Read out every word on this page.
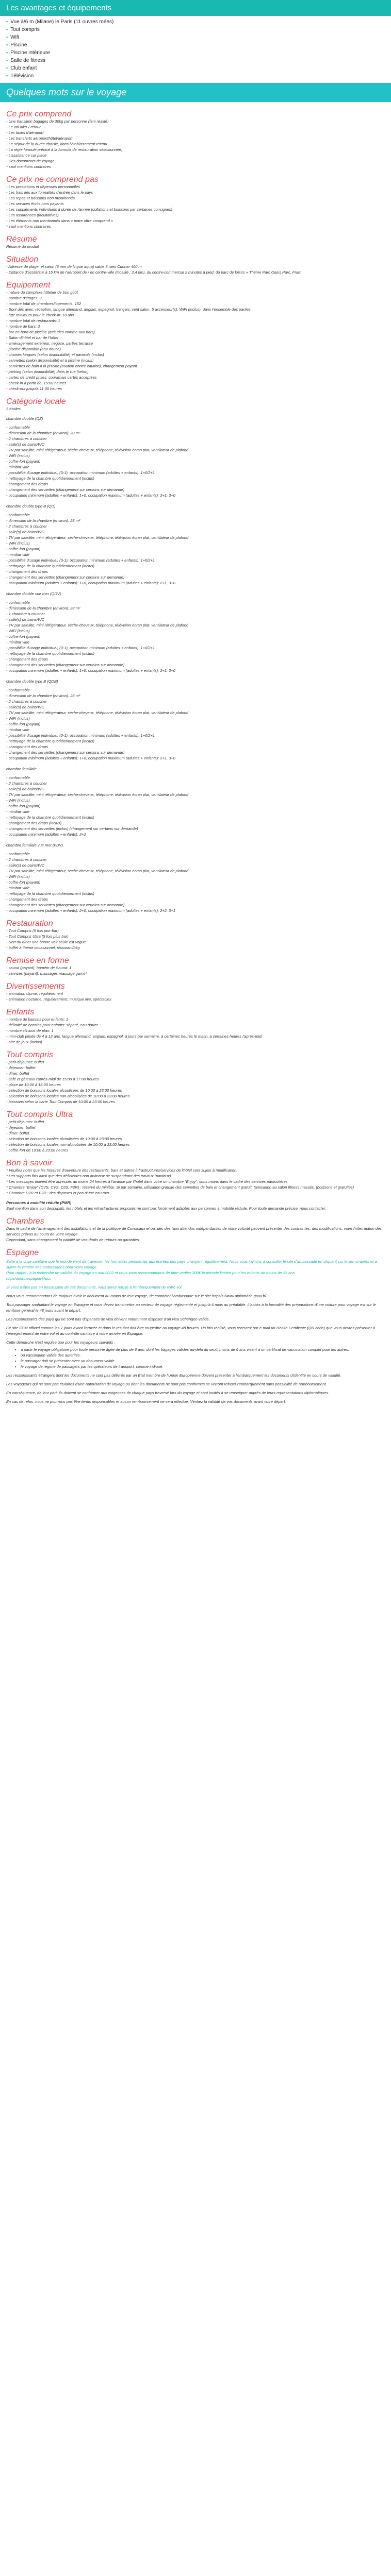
Les avantages et équipements
▪ Vue à/6 m (Milane) le Paris (11 ouvres mées)
▪ Tout compris
▪ Wifi
▪ Piscine
▪ Piscine intérieure
▪ Salle de fitness
▪ Club enfant
▪ Télévision
Quelques mots sur le voyage
Ce prix comprend

- Une transition bagages de 30kg par personne (feni réalité)
- Le vol aller / retour
- Les taxes d'aéroport
- Les transferts aéroport/hôtel/aéroport
- Le séjour de la durée choisie, dans l'établissement retenu
- La régie formule précisé à la formule de restauration sélectionnée,
- L'assistance sur place
- Des documents de voyage
* sauf mentions contraires

Ce prix ne comprend pas

- Les prestations et dépenses personnelles
- Les frais liés aux formalités d'entrée dans le pays
- Les repas et boissons non mentionnés
- Les services écrits hors payants
- Les suppléments individuels à durée de l'année (collations et boissons par certaines consignes)
- Les assurances (facultatives)
- Les éléments non mentionnés dans « notre offre comprend »
* sauf mentions contraires

Résumé

Résumé du produit

Situation

- Adresse de plage, et salon (6 mm de lingue aqua) sable 3 rues Cdoner 400 m
- Distance d'accès/sur à 15 km de l'aéroport de / en centre-ville (localité : 2,4 km), du centre-commercial 2 minutes à pied, du parc de loisirs « Théme Parc Oasis Parc, Fram

Equipement

- nature du complexe hôtelier de bon goût
- nombre d'étages: 9
- nombre total de chambres/logements: 152
- Sont des avec: réception, langue allemand, anglais, espagnol, français, cent salon, 5 ascenseur(s), WiFi (inclus), dans l'ensemble des parties
- âge minimum pour le check-in: 18 ans
- nombre total de restaurants: 1
- nombre de bars: 2
- bar en bord de piscine (attitudes comme aux bars)
- Salon d'hôtel et bar de l'hôtel
- aménagement extérieur, négoce, parties terrasse
- piscine disponible (eau douce)
- chaises longues (selon disponibilité) et parasols (inclus)
- serviettes (selon disponibilité) et à piscine (inclus)
- serviettes de bain à la piscine (caution contre caution), changement payant
- parking (selon disponibilité) dans le rue (selon)
- cartes de crédit prises: couramais cartes acceptées
- check-in à partir de: 15:00 heures
- check-out jusqu'à 11:00 heures

Catégorie locale

3 étoiles

chambre double (QZ)

- conformable
- dimension de la chambre (environ): 28 m²
- 2 chambres à coucher
- salle(s) de bains/WC
- TV par satellite, mini réfrigérateur, sèche-cheveux, téléphone, télévision écran plat, ventilateur de plafond
- WiFi (inclus)
- coffre-fort (payant)
- minibar vide
- possibilité d'usage individuel, (0-1), occupation minimum (adultes + enfants): 1+0/2+1
- nettoyage de la chambre quotidiennement (inclus)
- changement des draps
- changement des serviettes (changement sur certains sur demande)
- occupation minimum (adultes + enfants): 1+0, occupation maximum (adultes + enfants): 2+1, 3+0

chambre double type B (QD)

- conformable
- dimension de la chambre (environ): 28 m²
- 2 chambres à coucher
- salle(s) de bains/WC
- TV par satellite, mini réfrigérateur, sèche-cheveux, téléphone, télévision écran plat, ventilateur de plafond
- WiFi (inclus)
- coffre-fort (payant)
- minibar vide
- possibilité d'usage individuel, (0-1), occupation minimum (adultes + enfants): 1+0/2+1
- nettoyage de la chambre quotidiennement (inclus)
- changement des draps
- changement des serviettes (changement sur certains sur demande)
- occupation minimum (adultes + enfants): 1+0, occupation maximum (adultes + enfants): 2+1, 3+0

chambre double vue mer (QDV)

- conformable
- dimension de la chambre (environ): 28 m²
- 1 chambre à coucher
- salle(s) de bains/WC
- TV par satellite, mini réfrigérateur, sèche-cheveux, téléphone, télévision écran plat, ventilateur de plafond
- WiFi (inclus)
- coffre-fort (payant)
- minibar vide
- possibilité d'usage individuel, (0-1), occupation minimum (adultes + enfants): 1+0/2+1
- nettoyage de la chambre quotidiennement (inclus)
- changement des draps
- changement des serviettes (changement sur certains sur demande)
- occupation minimum (adultes + enfants): 1+0, occupation maximum (adultes + enfants): 2+1, 3+0

chambre double type B (QDB)

- conformable
- dimension de la chambre (environ): 28 m²
- 2 chambres à coucher
- salle(s) de bains/WC
- TV par satellite, mini réfrigérateur, sèche-cheveux, téléphone, télévision écran plat, ventilateur de plafond
- WiFi (inclus)
- coffre-fort (payant)
- minibar vide
- possibilité d'usage individuel, (0-1), occupation minimum (adultes + enfants): 1+0/2+1
- nettoyage de la chambre quotidiennement (inclus)
- changement des draps
- changement des serviettes (changement sur certains sur demande)
- occupation minimum (adultes + enfants): 1+0, occupation maximum (adultes + enfants): 2+1, 3+0

chambre familiale

- conformable
- 2 chambres à coucher
- salle(s) de bains/WC
- TV par satellite, mini réfrigérateur, sèche-cheveux, téléphone, télévision écran plat, ventilateur de plafond
- WiFi (inclus)
- coffre-fort (payant)
- minibar vide
- nettoyage de la chambre quotidiennement (inclus)
- changement des draps (inclus)
- changement des serviettes (inclus) (changement sur certains sur demande)
- occupation minimum (adultes + enfants): 2+2

chambre familiale vue mer (FDV)

- conformable
- 2 chambres à coucher
- salle(s) de bains/WC
- TV par satellite, mini réfrigérateur, sèche-cheveux, téléphone, télévision écran plat, ventilateur de plafond
- WiFi (inclus)
- coffre-fort (payant)
- minibar vide
- nettoyage de la chambre quotidiennement (inclus)
- changement des draps
- changement des serviettes (changement sur certains sur demande)
- occupation minimum (adultes + enfants): 2+0, occupation maximum (adultes + enfants): 2+2, 3+1

Restauration

- Tout Compris (5 fois jour-bar)
- Tout Compris Ultra (5 fois plus bar)
- Sert du dîner une bonne voir seule est vogue
- buffet à thème occasionnel, rétaurant/bkg

Remise en forme

- sauna (payant), hamém de Sauna: 1
- services (payant): massages massage garnit*

Divertissements

- animation diurne, régulièrement
- animation nocturne, régulièrement, musique live, spectacles

Enfants

- nombre de bassins pour enfants: 1
- délimité de bassins pour enfants: séparé, eau douce
- nombre clinicos de plan: 1
- mini-club (limite de 4 à 12 ans, langue allemand, anglais, espagnol, à jours par semaine, à certaines heures le matin, à certaines heures l'après-midi
- aire de jeux (inclus)

Tout compris

- petit-déjeuner: buffet
- déjeuner: buffet
- dîner: buffet
- café et gâteaux l'après-midi de 15:00 à 17:00 heures
- glace de 10:00 à 18:00 heures
- sélection de boissons locales alcoolisées de 10:00 à 23:00 heures
- sélection de boissons locales non-alcoolisées de 10:00 à 23:00 heures
- boissons selon la carte Tout Compris de 10:00 à 23:00 heures

Tout compris Ultra

- petit-déjeuner: buffet
- déjeuner: buffet
- dîner: buffet
- sélection de boissons locales alcoolisées de 10:00 à 23:00 heures
- sélection de boissons locales non-alcoolisées de 10:00 à 23:00 heures
- coffre-fort de 10:00 à 23:00 heures

Bon à savoir

* Veuillez noter que les horaires d'ouverture des restaurants, bars et autres infrastructures/services de l'hôtel sont sujets à modification.
* Les supports fins ainsi que des déficientes non animaux ne suspendront des travaux (partiaux)
* Les messages doivent être adressés au moins 24 heures à l'avance par l'hotel dans votre un chambre "Enjoy", sous moins dans le cadre des services particulières
* Chambre "Enjoy" (DVS, CVS, D2S, F2R) : réservé du minibar. Si par semaine, utilisation gratuite des serviettes de bain et changement gratuit, tamisation au salon fitness massés, (boissons et gratuites)
* Chambre D2R et F2R : des disposes et pas d'une eau mer

Personnes à mobilité réduite (PMR)

Sauf mention dans son descriptifs, les hôtels et les infrastructures proposés ne sont pas forcément adaptés aux personnes à mobilité réduite. Pour toute demande précise, nous contacter.

Chambres

Dans le cadre de l'aménagement des installations et de la politique de Covoisaux et ou, des des taux attendus indépendantes de notre volonté peuvent présenter des contraintes, des modifications, voire l'interruption des services prévus au cours de votre voyage.
Cependant, sans changement la validité de vos droits de retours ou garanties.

Espagne
Suite à la crise sanitaire que le monde vient de traverser, les formalités pertinentes aux entrées des pays changent régulièrement. Nous vous invitons à consulter le site d'ambassade en cliquant sur le lien ci-après et à suivre la version des ambassades pour votre voyage.
Pour rappel : à la recherche de validité du voyage en mai 2022 et nous vous recommandons de faire vérifier 200€ la période limitée pour les enfants de moins de 12 ans.
https/dont#:espagne@ucc
Si vous n'étes pas en possession de ces documents, vous serez refusé à l'embarquement de votre vol.

Nous vous recommandons de toujours avoir le document au moins de leur voyage, de contacter l'ambassade sur le site https/s:/www.diplomatie.gouv.fr/

Tout passager souhaitant le voyage en Espagne et vous devez transmettre au secteur de voyage réglementé et jusqu'à 6 mois au préalable. L'accès à la formalité des préparations d'une voiture pour voyage est sur le territoire général le 48 jours avant le départ.

Les ressortissants des pays qui ne sont pas dispensés de visa doivent notamment disposer d'un visa Schengen valide.

Ce site FCM officiel comme les 7 jours avant l'arrivée et dans le résultat doit être rougeâtre au voyage 48 heures. Un fois réalisé, vous recevrez par e-mail un Health Certificate (QR code) que vous devrez présenter à l'enregistrement de votre vol et au contrôle sanitaire à votre arrivée en Espagne.

Cette démarche n'est requise que pour les voyageurs suivants :

• à partir le voyage obligatoire pour toute personne âgée de plus de 6 ans, dont les bagages validés au-delà du seuil, moins de 6 ans visent à un certificat de vaccination complet pour les autres.
• ou vaccination valide des autorités.
• le passager doit se présenter avec un document valide.
• le voyage de régime de passagers par les opérateurs de transport, comme indiqué.

Les ressortissants étrangers dont les documents ne sont pas délivrés par un État membre de l'Union Européenne doivent présenter à l'embarquement les documents d'identité en cours de validité.

Les voyageurs qui ne sont pas titulaires d'une autorisation de voyage ou dont les documents ne sont pas conformes se verront refuser l'embarquement sans possibilité de remboursement.

En conséquence, de leur part, ils doivent se conformer aux exigences de chaque pays traversé lors du voyage et sont invités à se renseigner auprès de leurs représentations diplomatiques.

En cas de refus, nous ne pourrons pas être tenus responsables et aucun remboursement ne sera effectué. Vérifiez la validité de vos documents avant votre départ.
